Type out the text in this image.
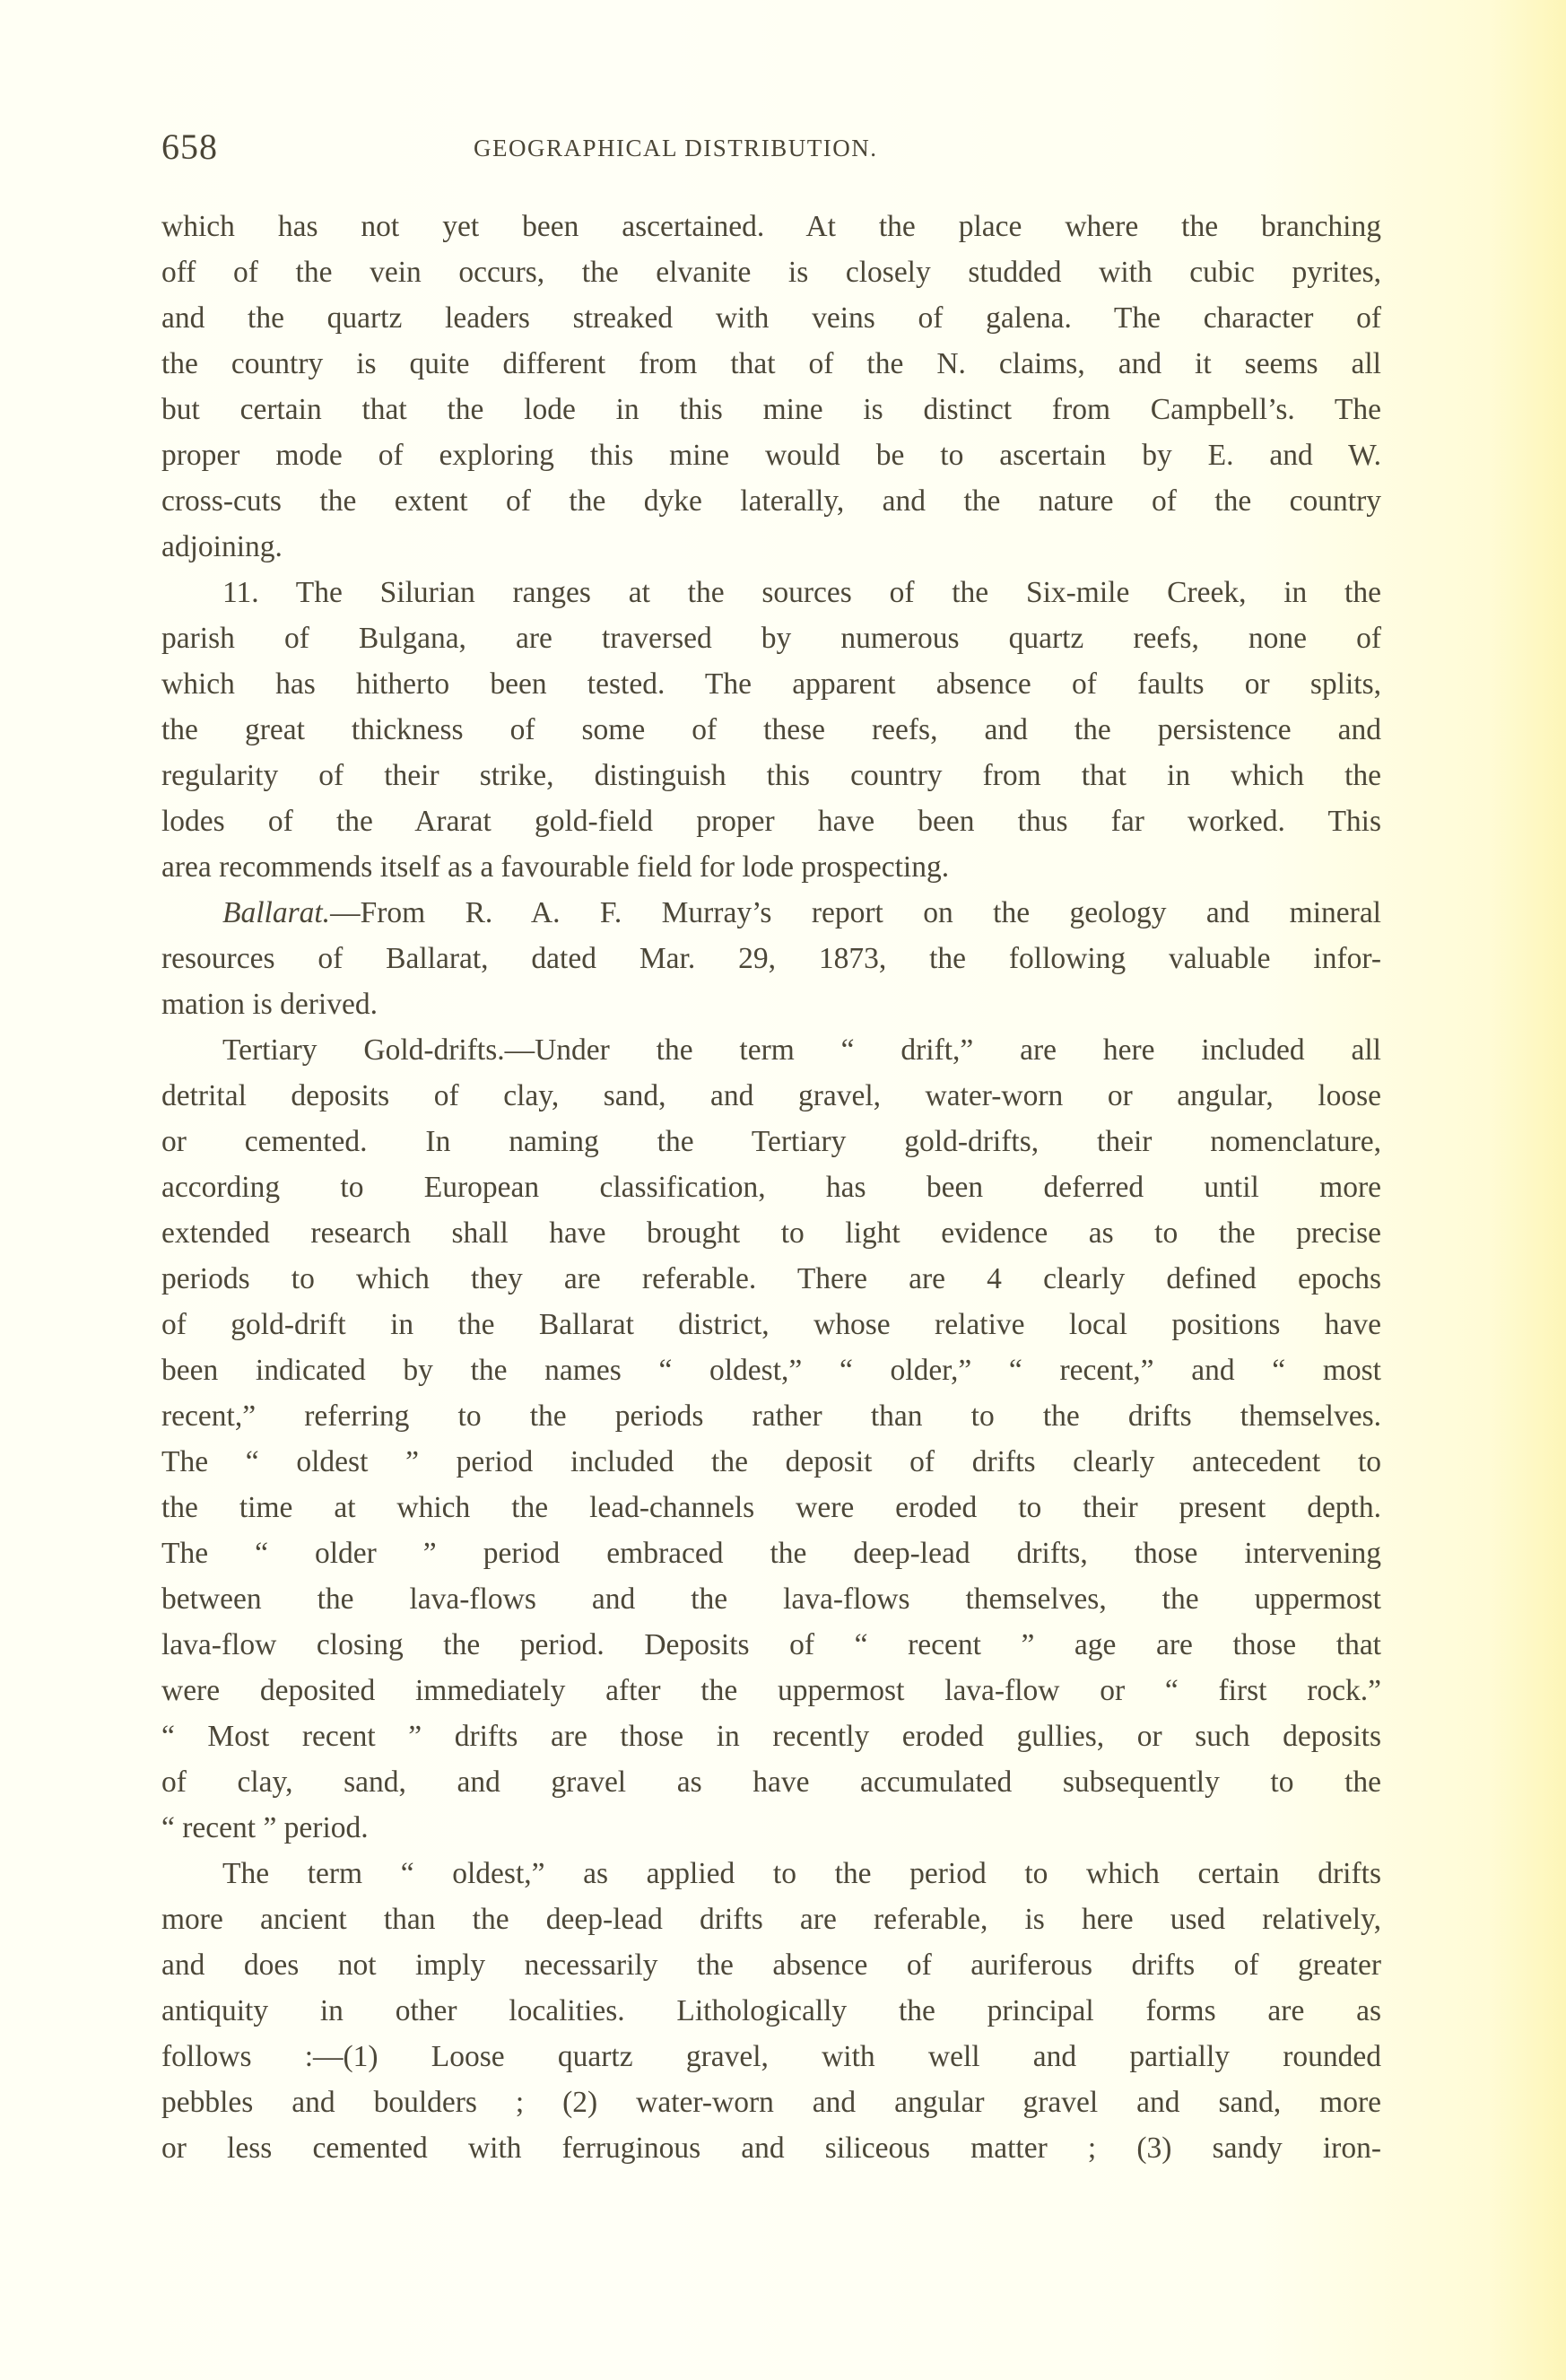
658	GEOGRAPHICAL DISTRIBUTION.
which has not yet been ascertained. At the place where the branching
off of the vein occurs, the elvanite is closely studded with cubic pyrites,
and the quartz leaders streaked with veins of galena. The character of
the country is quite different from that of the N. claims, and it seems all
but certain that the lode in this mine is distinct from Campbell’s. The
proper mode of exploring this mine would be to ascertain by E. and W.
cross-cuts the extent of the dyke laterally, and the nature of the country
adjoining.
11. The Silurian ranges at the sources of the Six-mile Creek, in the
parish of Bulgana, are traversed by numerous quartz reefs, none of
which has hitherto been tested. The apparent absence of faults or splits,
the great thickness of some of these reefs, and the persistence and
regularity of their strike, distinguish this country from that in which the
lodes of the Ararat gold-field proper have been thus far worked. This
area recommends itself as a favourable field for lode prospecting.
Ballarat.—From R. A. F. Murray’s report on the geology and mineral
resources of Ballarat, dated Mar. 29, 1873, the following valuable infor-
mation is derived.
Tertiary Gold-drifts.—Under the term “ drift,” are here included all
detrital deposits of clay, sand, and gravel, water-worn or angular, loose
or cemented. In naming the Tertiary gold-drifts, their nomenclature,
according to European classification, has been deferred until more
extended research shall have brought to light evidence as to the precise
periods to which they are referable. There are 4 clearly defined epochs
of gold-drift in the Ballarat district, whose relative local positions have
been indicated by the names “ oldest,” “ older,” “ recent,” and “ most
recent,” referring to the periods rather than to the drifts themselves.
The “ oldest ” period included the deposit of drifts clearly antecedent to
the time at which the lead-channels were eroded to their present depth.
The “ older ” period embraced the deep-lead drifts, those intervening
between the lava-flows and the lava-flows themselves, the uppermost
lava-flow closing the period. Deposits of “ recent ” age are those that
were deposited immediately after the uppermost lava-flow or “ first rock.”
“ Most recent ” drifts are those in recently eroded gullies, or such deposits
of clay, sand, and gravel as have accumulated subsequently to the
“ recent ” period.
The term “ oldest,” as applied to the period to which certain drifts
more ancient than the deep-lead drifts are referable, is here used relatively,
and does not imply necessarily the absence of auriferous drifts of greater
antiquity in other localities. Lithologically the principal forms are as
follows :—(1) Loose quartz gravel, with well and partially rounded
pebbles and boulders ; (2) water-worn and angular gravel and sand, more
or less cemented with ferruginous and siliceous matter ; (3) sandy iron-
